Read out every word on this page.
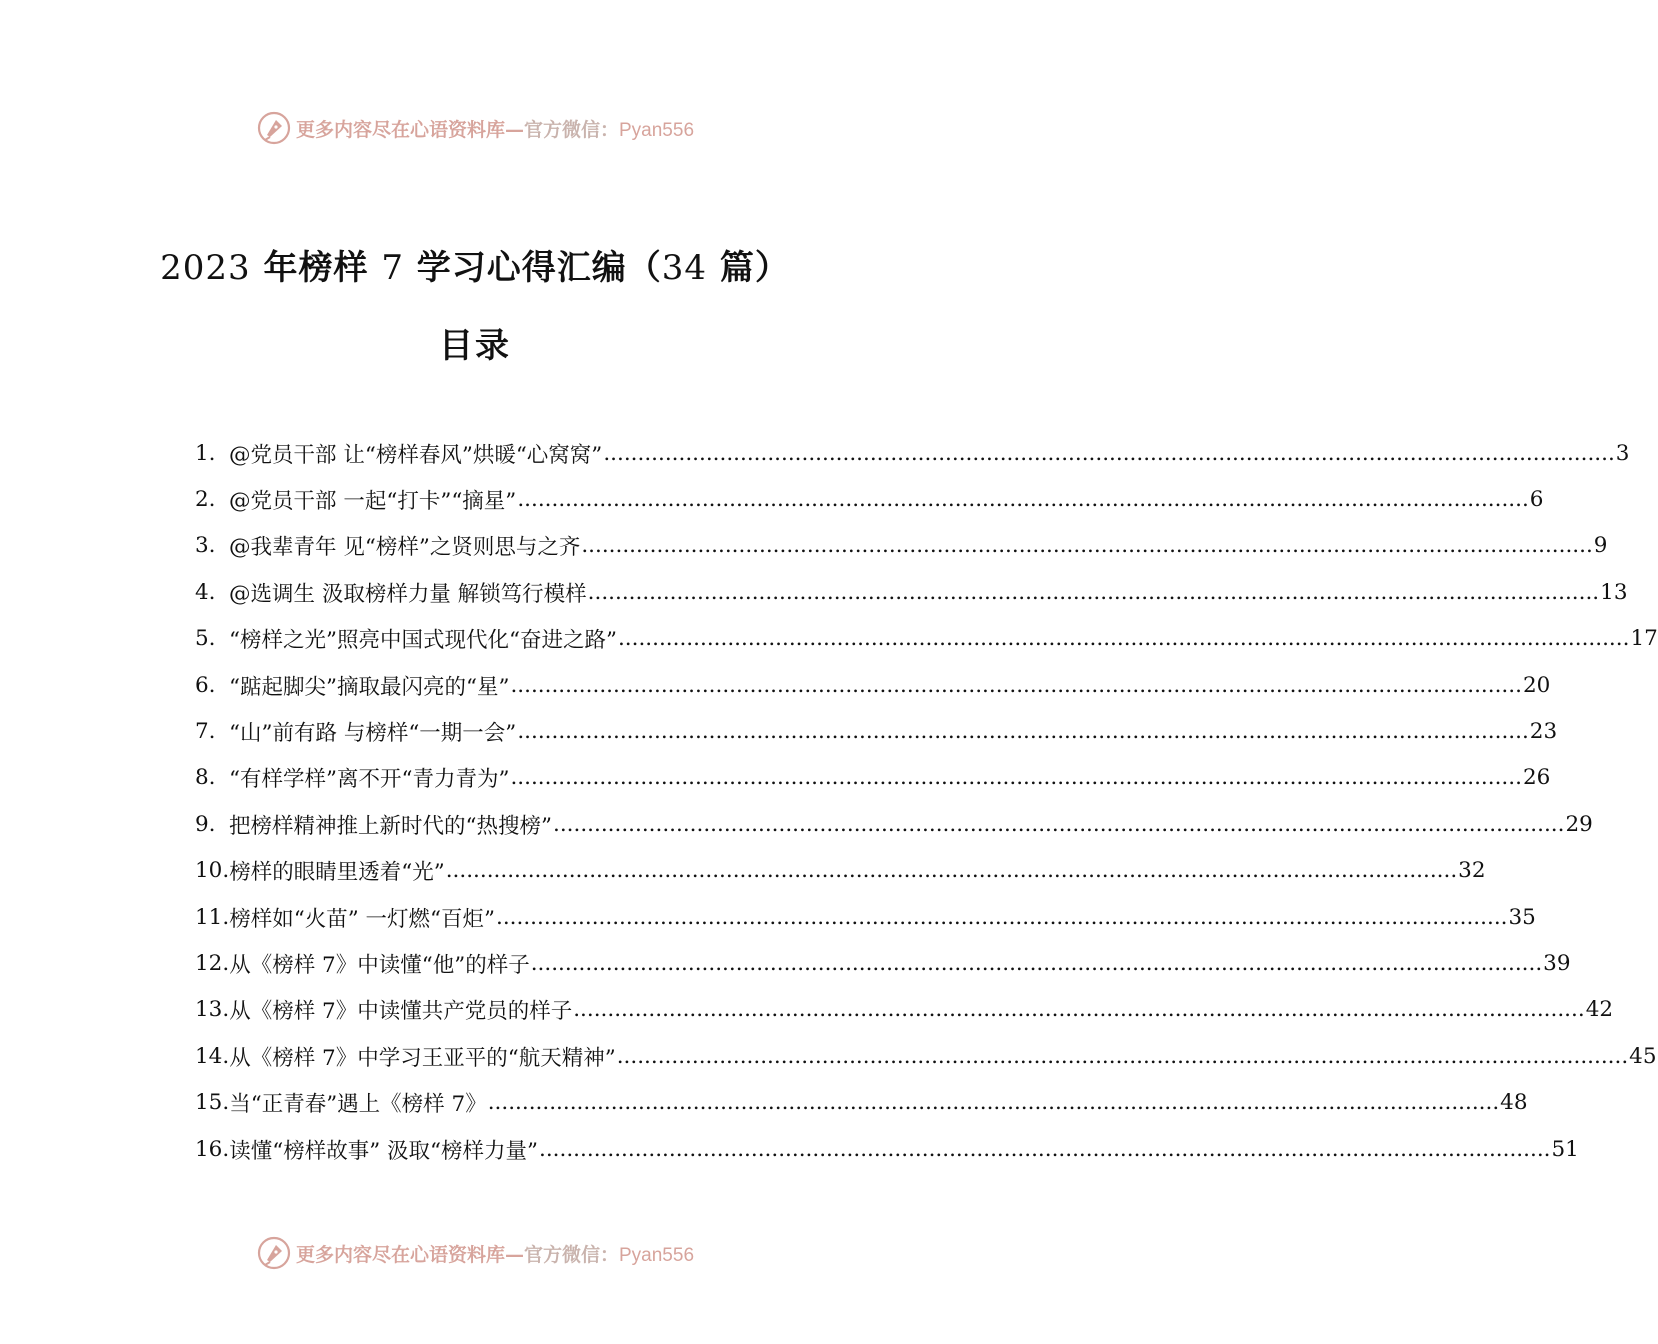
更多内容尽在心语资料库—官方微信：Pyan556
2023 年榜样 7 学习心得汇编（34 篇）
目录
1. @党员干部 让“榜样春风”烘暖“心窝窝” .....	3
2. @党员干部 一起“打卡”“摘星” .....	6
3. @我辈青年 见“榜样”之贤则思与之齐 .....	9
4. @选调生 汲取榜样力量 解锁笃行模样 .....	13
5. “榜样之光”照亮中国式现代化“奋进之路” .....	17
6. “踮起脚尖”摘取最闪亮的“星” .....	20
7. “山”前有路 与榜样“一期一会” .....	23
8. “有样学样”离不开“青力青为” .....	26
9. 把榜样精神推上新时代的“热搜榜” .....	29
10. 榜样的眼睛里透着“光” .....	32
11. 榜样如“火苗” 一灯燃“百炬” .....	35
12. 从《榜样 7》中读懂“他”的样子 .....	39
13. 从《榜样 7》中读懂共产党员的样子 .....	42
14. 从《榜样 7》中学习王亚平的“航天精神” .....	45
15. 当“正青春”遇上《榜样 7》 .....	48
16. 读懂“榜样故事” 汲取“榜样力量” .....	51
更多内容尽在心语资料库—官方微信：Pyan556
